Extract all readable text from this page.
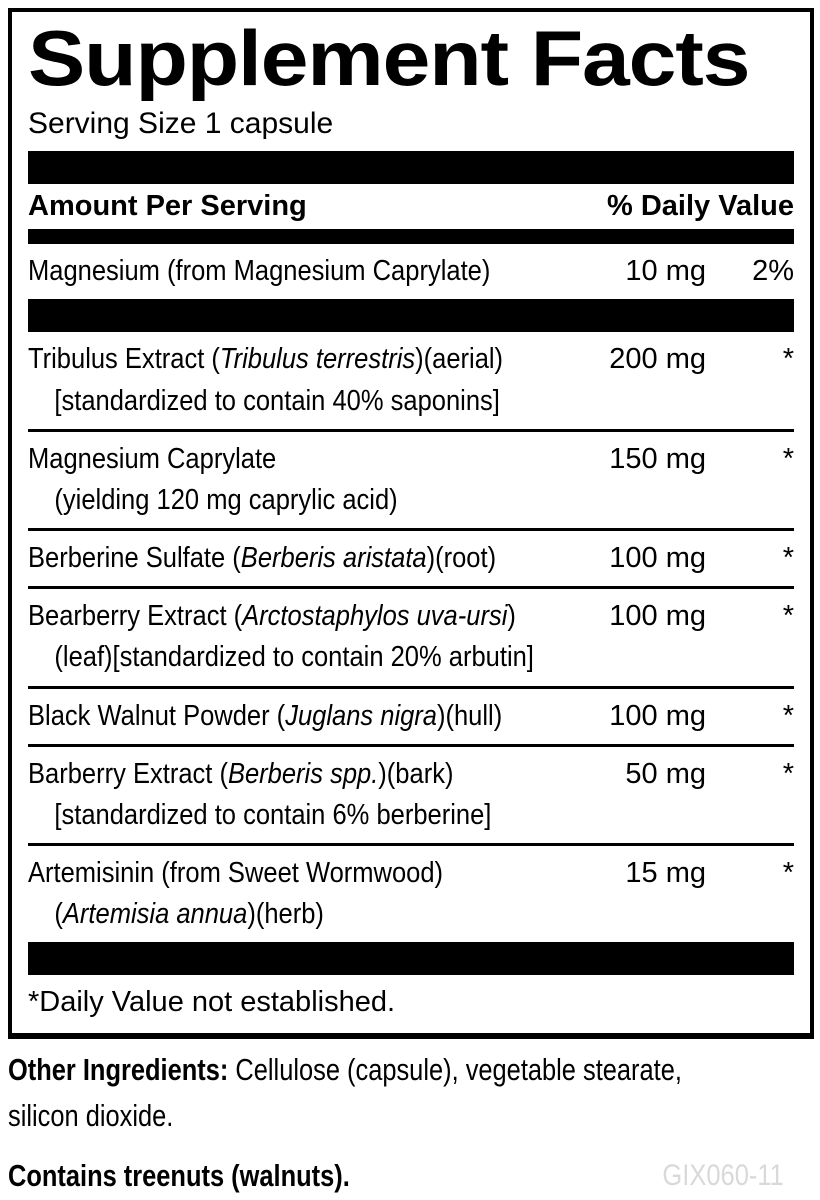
Supplement Facts
Serving Size 1 capsule
Amount Per Serving	% Daily Value
Magnesium (from Magnesium Caprylate)	10 mg	2%
Tribulus Extract (Tribulus terrestris)(aerial)	200 mg	*
[standardized to contain 40% saponins]
Magnesium Caprylate	150 mg	*
(yielding 120 mg caprylic acid)
Berberine Sulfate (Berberis aristata)(root)	100 mg	*
Bearberry Extract (Arctostaphylos uva-ursi)	100 mg	*
(leaf)[standardized to contain 20% arbutin]
Black Walnut Powder (Juglans nigra)(hull)	100 mg	*
Barberry Extract (Berberis spp.)(bark)	50 mg	*
[standardized to contain 6% berberine]
Artemisinin (from Sweet Wormwood)	15 mg	*
(Artemisia annua)(herb)
*Daily Value not established.
Other Ingredients: Cellulose (capsule), vegetable stearate,
silicon dioxide.
Contains treenuts (walnuts).	GIX060-11
